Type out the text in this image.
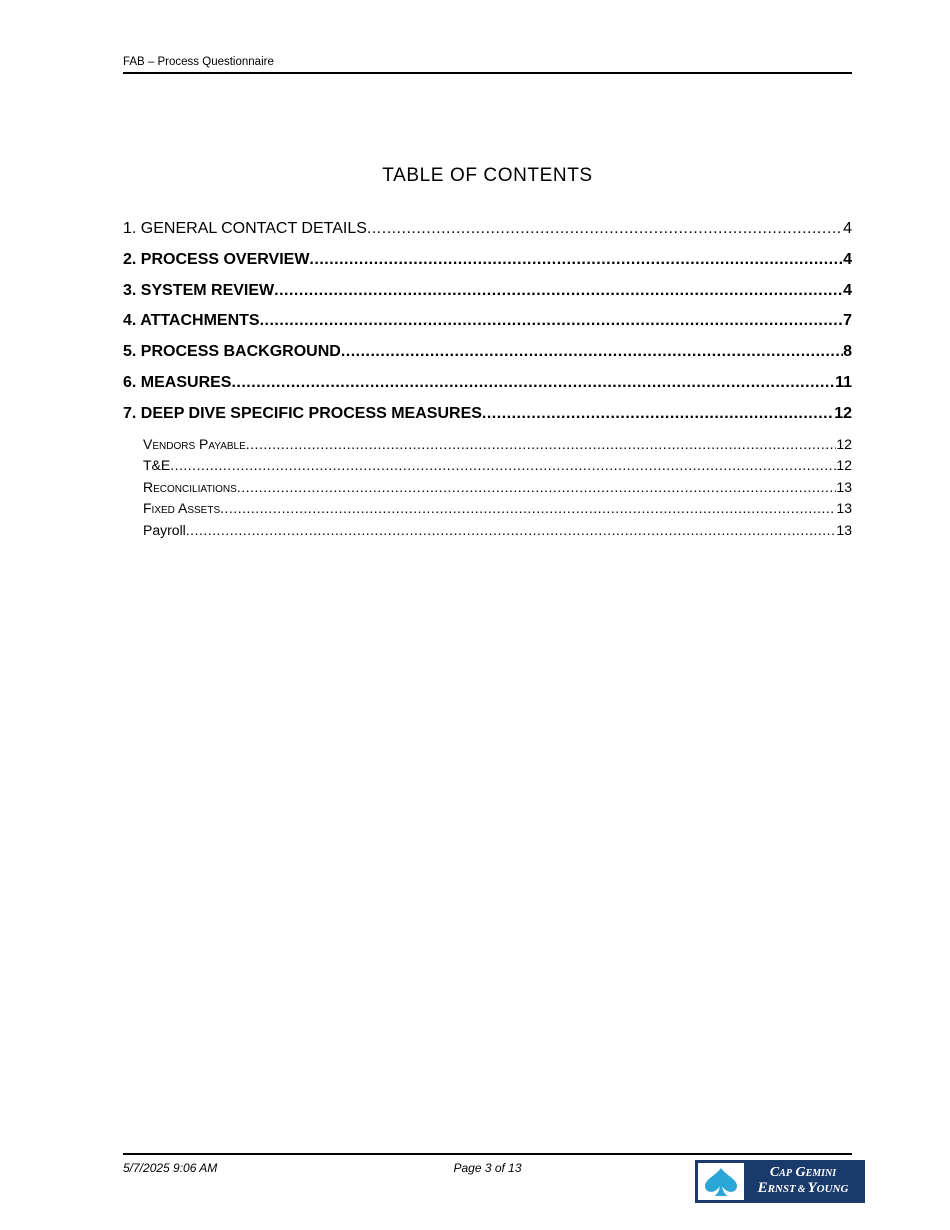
FAB – Process Questionnaire
TABLE OF CONTENTS
1. GENERAL CONTACT DETAILS .....	4
2. PROCESS OVERVIEW .....	4
3. SYSTEM REVIEW .....	4
4. ATTACHMENTS .....	7
5. PROCESS BACKGROUND .....	8
6. MEASURES .....	11
7. DEEP DIVE SPECIFIC PROCESS MEASURES .....	12
Vendors Payable .....	12
T&E .....	12
Reconciliations .....	13
Fixed Assets .....	13
Payroll .....	13
5/7/2025 9:06 AM	Page 3 of 13	Cap Gemini
Ernst & Young
